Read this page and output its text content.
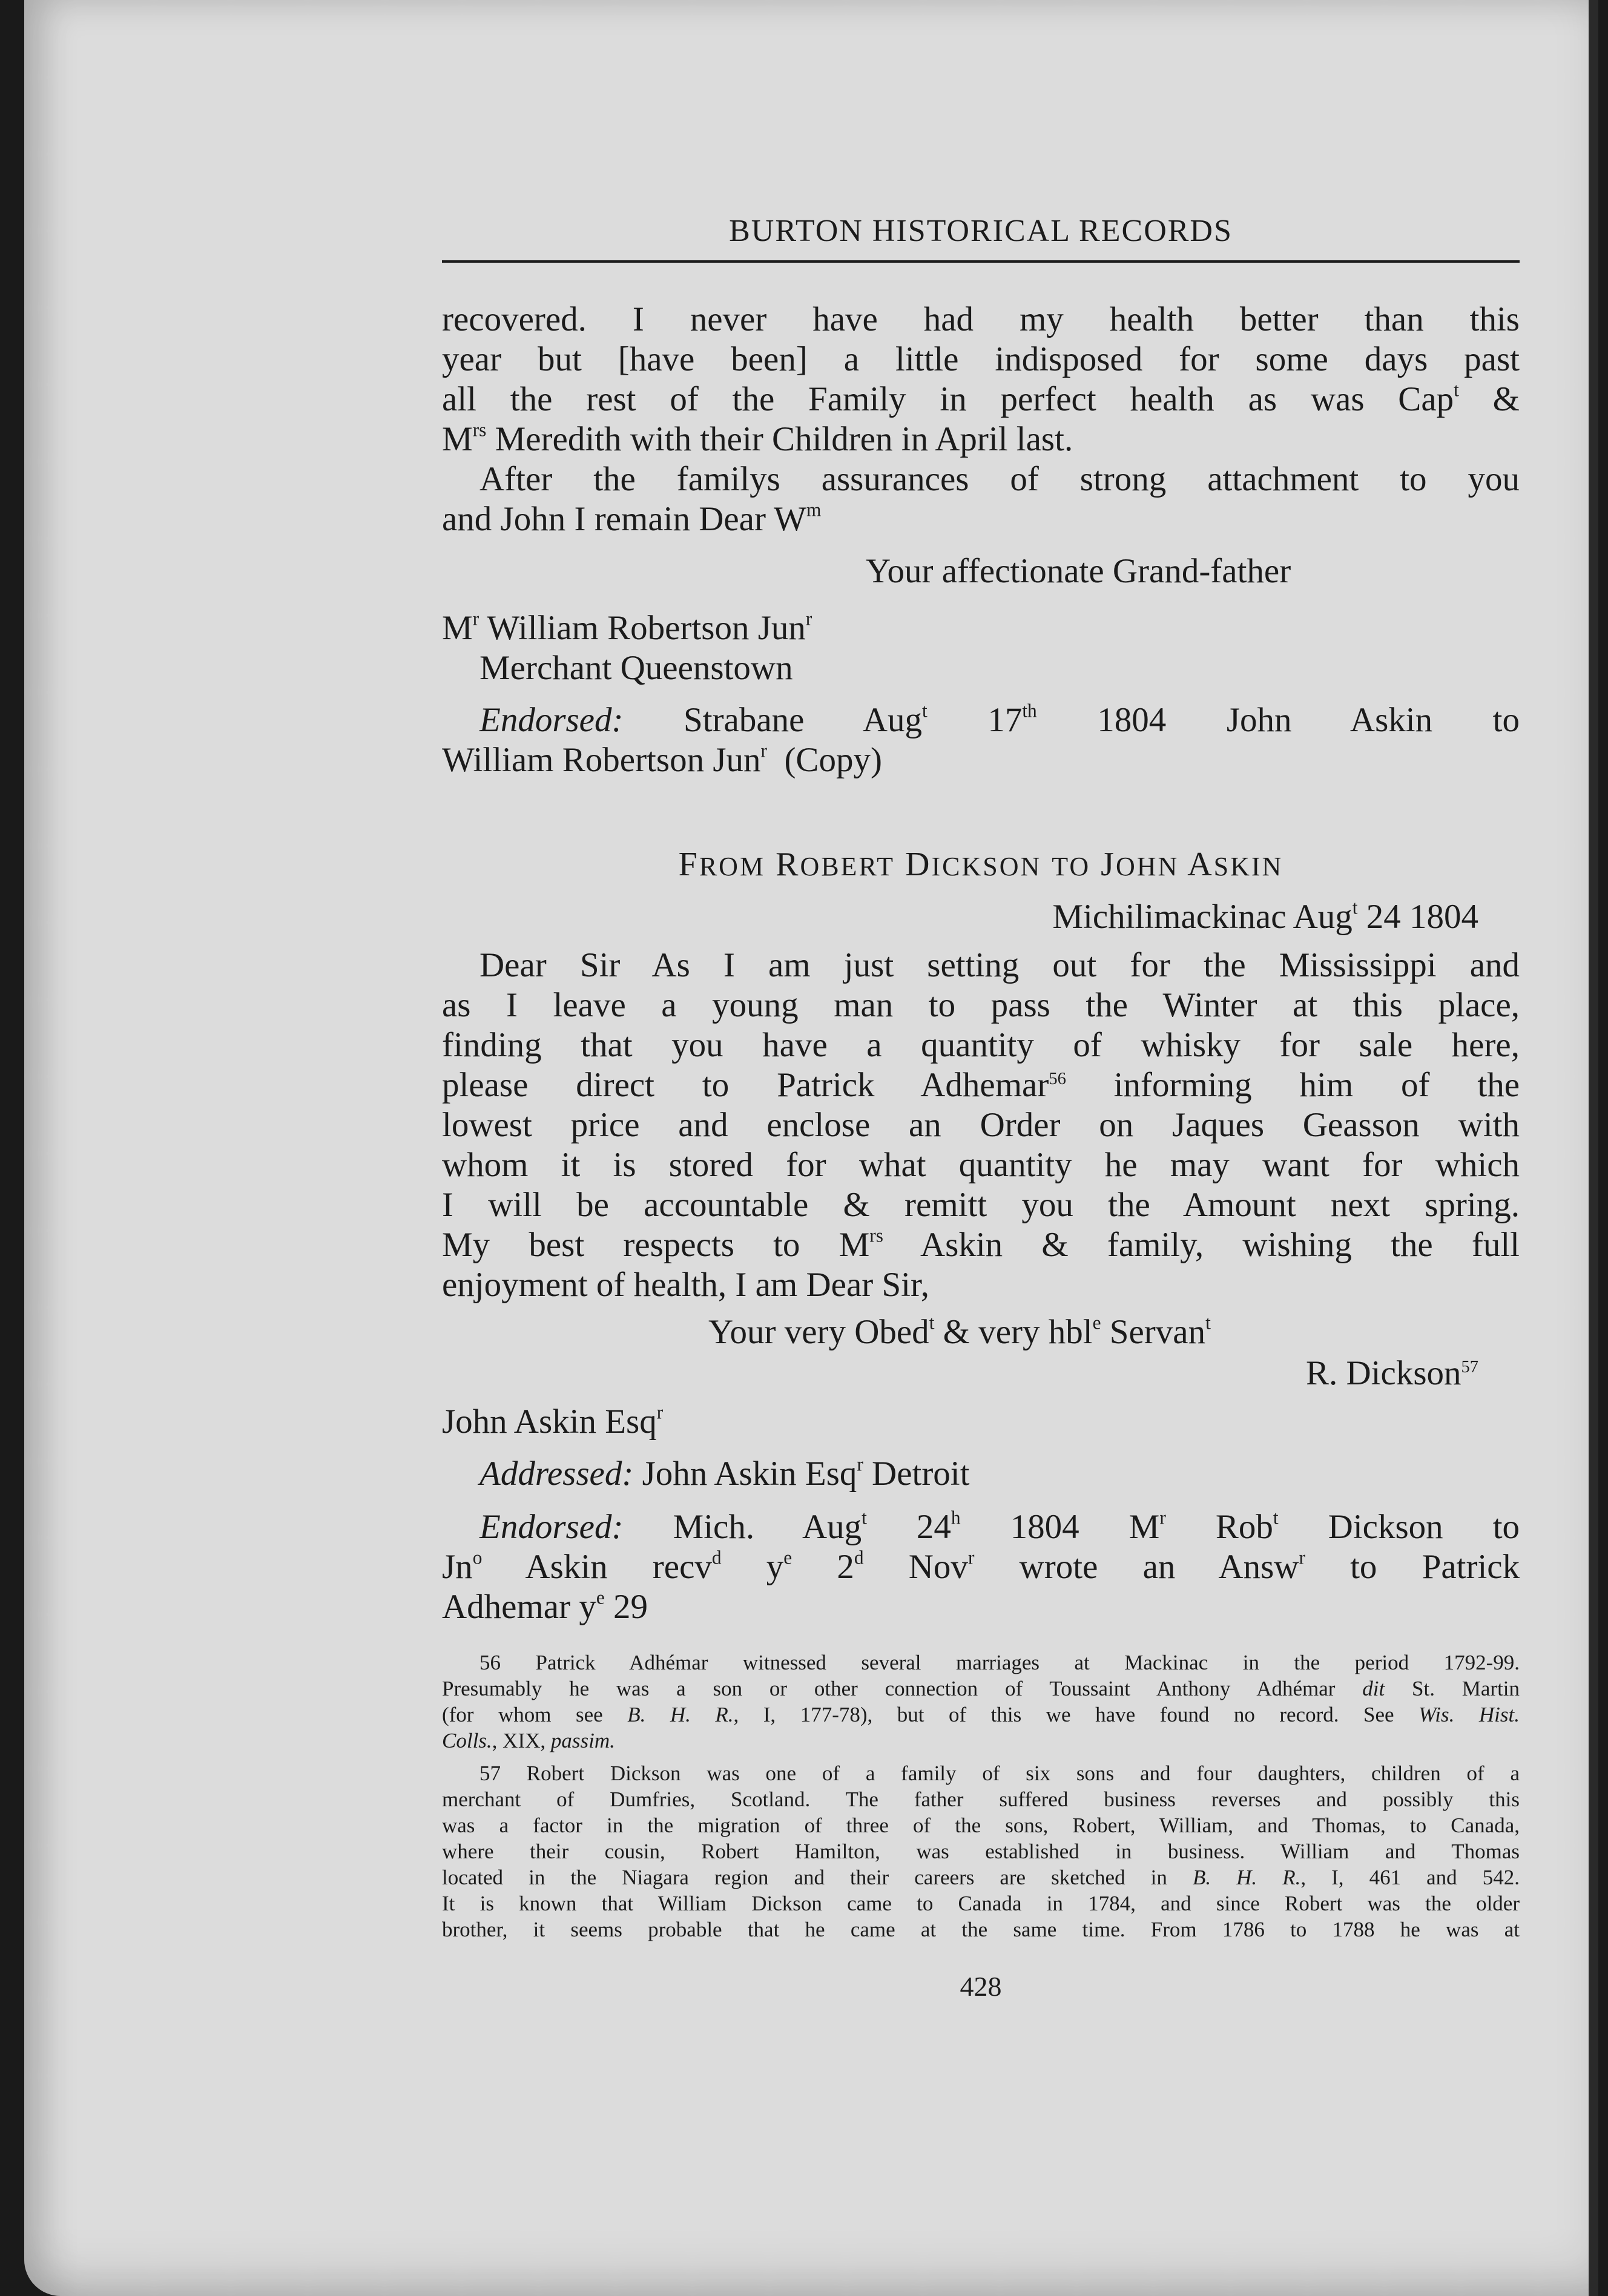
BURTON HISTORICAL RECORDS
recovered. I never have had my health better than this
year but [have been] a little indisposed for some days past
all the rest of the Family in perfect health as was Cap$^t$ &
$M^{rs}$ Meredith with their Children in April last.
After the familys assurances of strong attachment to you
and John I remain Dear $W^m$
Your affectionate Grand-father
$M^r$ William Robertson Jun$^r$
Merchant Queenstown
Endorsed: Strabane Aug$^t$ 17th 1804 John Askin to
William Robertson Jun$^r$ (Copy)
FROM ROBERT DICKSON TO JOHN ASKIN
Michilimackinac Aug$^t$ 24 1804
Dear Sir As I am just setting out for the Mississippi and
as I leave a young man to pass the Winter at this place,
finding that you have a quantity of whisky for sale here,
please direct to Patrick Adhemar$^{56}$ informing him of the
lowest price and enclose an Order on Jaques Geasson with
whom it is stored for what quantity he may want for which
I will be accountable & remitt you the Amount next spring.
My best respects to $M^{rs}$ Askin & family, wishing the full
enjoyment of health, I am Dear Sir,
Your very Obed$^t$ & very hbl$^e$ Servan$^t$
R. Dickson$^{57}$
John Askin Esq$^r$
Addressed: John Askin Esq$^r$ Detroit
Endorsed: Mich. Aug$^t$ 24$^h$ 1804 $M^r$ Rob$^t$ Dickson to
Jn$^o$ Askin recv$^d$ $y^e$ 2$^d$ Nov$^r$ wrote an Answ$^r$ to Patrick
Adhemar $y^e$ 29
56 Patrick Adhémar witnessed several marriages at Mackinac in the period 1792-99.
Presumably he was a son or other connection of Toussaint Anthony Adhémar dit St. Martin
(for whom see B. H. R., I, 177-78), but of this we have found no record. See Wis. Hist.
Colls., XIX, passim.
57 Robert Dickson was one of a family of six sons and four daughters, children of a
merchant of Dumfries, Scotland. The father suffered business reverses and possibly this
was a factor in the migration of three of the sons, Robert, William, and Thomas, to Canada,
where their cousin, Robert Hamilton, was established in business. William and Thomas
located in the Niagara region and their careers are sketched in B. H. R., I, 461 and 542.
It is known that William Dickson came to Canada in 1784, and since Robert was the older
brother, it seems probable that he came at the same time. From 1786 to 1788 he was at
428
